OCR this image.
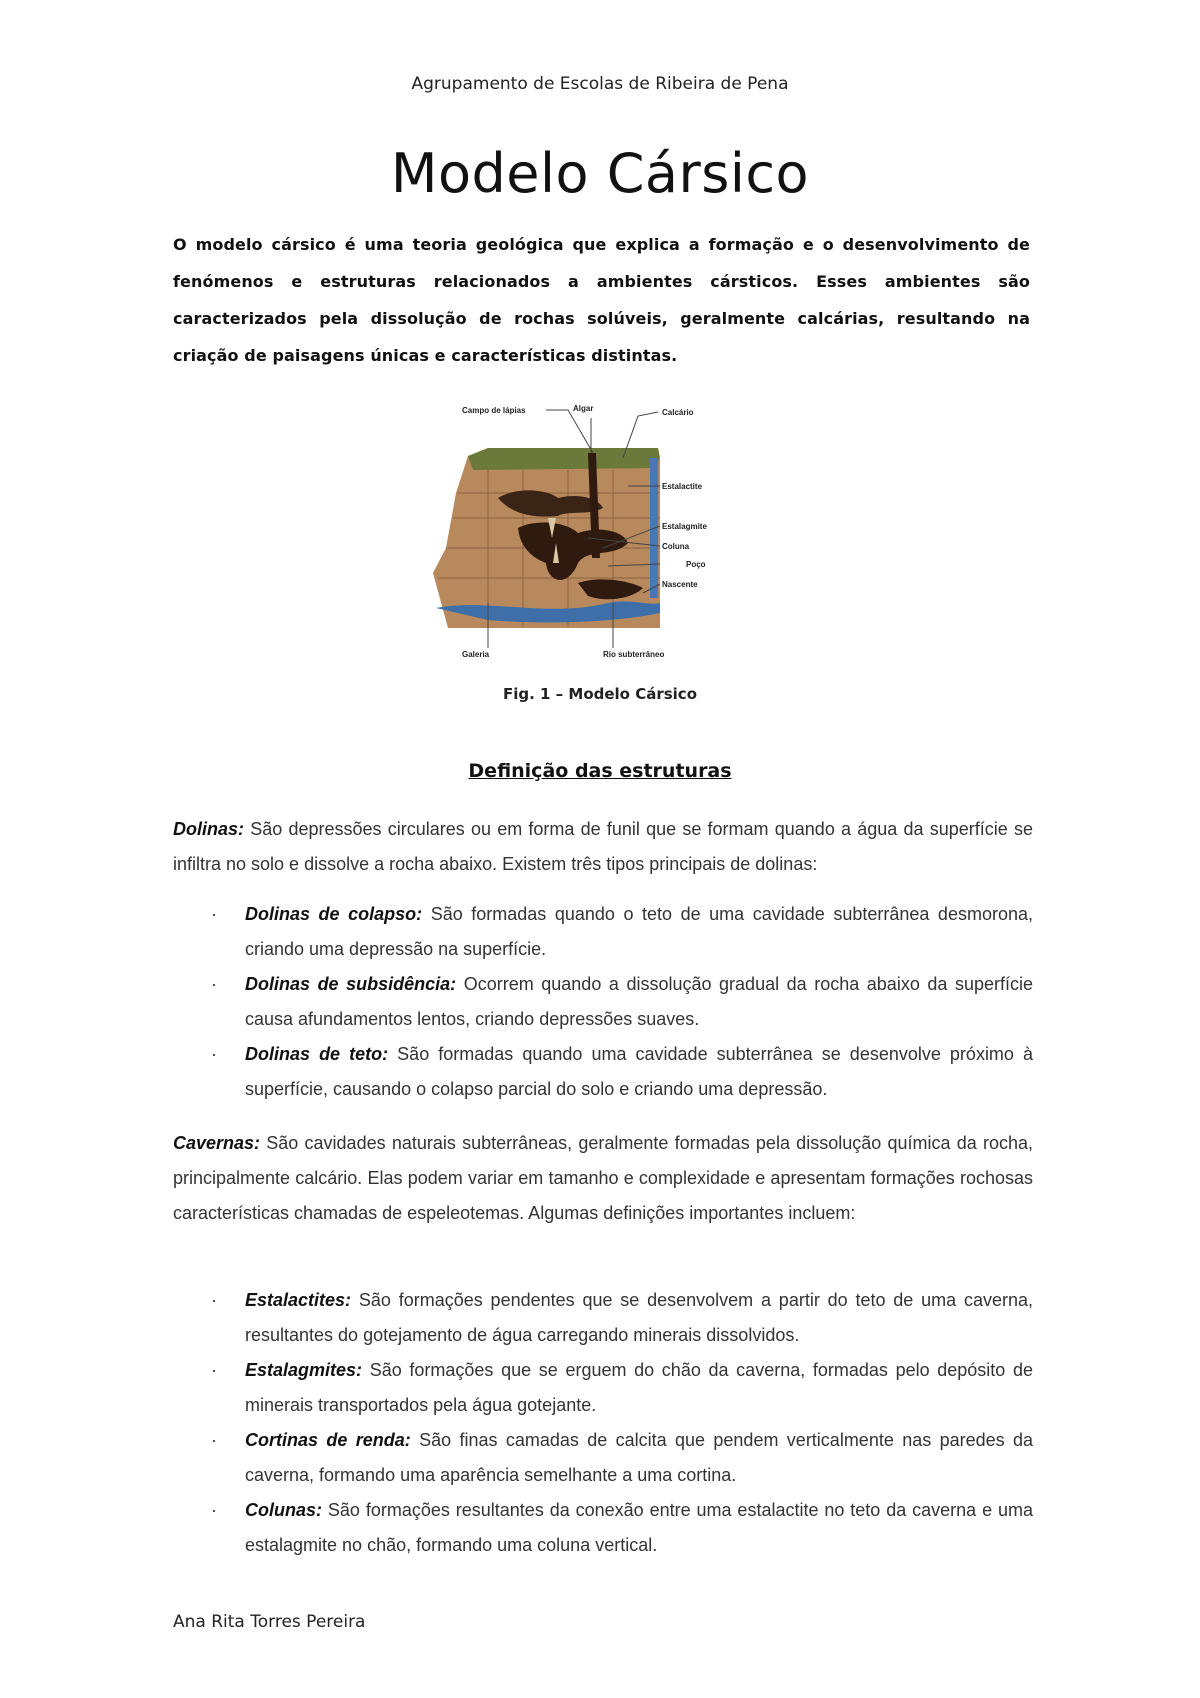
Agrupamento de Escolas de Ribeira de Pena
Modelo Cársico

O modelo cársico é uma teoria geológica que explica a formação e o desenvolvimento de fenómenos e estruturas relacionados a ambientes cársticos. Esses ambientes são caracterizados pela dissolução de rochas solúveis, geralmente calcárias, resultando na criação de paisagens únicas e características distintas.

Campo de lápias	Algar	Calcário
Estalactite
Estalagmite
Coluna
Poço
Nascente
Galeria	Rio subterrâneo
Fig. 1 – Modelo Cársico
Definição das estruturas

Dolinas: São depressões circulares ou em forma de funil que se formam quando a água da superfície se infiltra no solo e dissolve a rocha abaixo. Existem três tipos principais de dolinas:

· Dolinas de colapso: São formadas quando o teto de uma cavidade subterrânea desmorona, criando uma depressão na superfície.
· Dolinas de subsidência: Ocorrem quando a dissolução gradual da rocha abaixo da superfície causa afundamentos lentos, criando depressões suaves.
· Dolinas de teto: São formadas quando uma cavidade subterrânea se desenvolve próximo à superfície, causando o colapso parcial do solo e criando uma depressão.

Cavernas: São cavidades naturais subterrâneas, geralmente formadas pela dissolução química da rocha, principalmente calcário. Elas podem variar em tamanho e complexidade e apresentam formações rochosas características chamadas de espeleotemas. Algumas definições importantes incluem:

· Estalactites: São formações pendentes que se desenvolvem a partir do teto de uma caverna, resultantes do gotejamento de água carregando minerais dissolvidos.
· Estalagmites: São formações que se erguem do chão da caverna, formadas pelo depósito de minerais transportados pela água gotejante.
· Cortinas de renda: São finas camadas de calcita que pendem verticalmente nas paredes da caverna, formando uma aparência semelhante a uma cortina.
· Colunas: São formações resultantes da conexão entre uma estalactite no teto da caverna e uma estalagmite no chão, formando uma coluna vertical.
Ana Rita Torres Pereira
